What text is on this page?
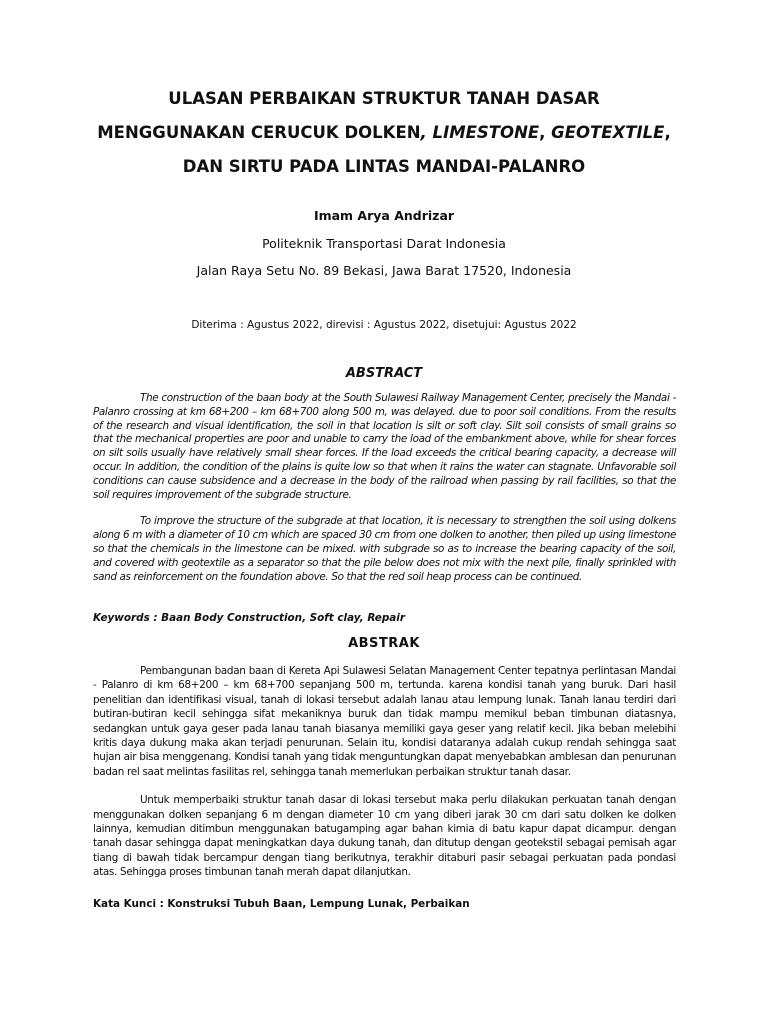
ULASAN PERBAIKAN STRUKTUR TANAH DASAR
MENGGUNAKAN CERUCUK DOLKEN, LIMESTONE, GEOTEXTILE,
DAN SIRTU PADA LINTAS MANDAI-PALANRO
Imam Arya Andrizar
Politeknik Transportasi Darat Indonesia
Jalan Raya Setu No. 89 Bekasi, Jawa Barat 17520, Indonesia
Diterima : Agustus 2022, direvisi : Agustus 2022, disetujui: Agustus 2022
ABSTRACT

The construction of the baan body at the South Sulawesi Railway Management Center, precisely the Mandai - Palanro crossing at km 68+200 – km 68+700 along 500 m, was delayed. due to poor soil conditions. From the results of the research and visual identification, the soil in that location is silt or soft clay. Silt soil consists of small grains so that the mechanical properties are poor and unable to carry the load of the embankment above, while for shear forces on silt soils usually have relatively small shear forces. If the load exceeds the critical bearing capacity, a decrease will occur. In addition, the condition of the plains is quite low so that when it rains the water can stagnate. Unfavorable soil conditions can cause subsidence and a decrease in the body of the railroad when passing by rail facilities, so that the soil requires improvement of the subgrade structure.

To improve the structure of the subgrade at that location, it is necessary to strengthen the soil using dolkens along 6 m with a diameter of 10 cm which are spaced 30 cm from one dolken to another, then piled up using limestone so that the chemicals in the limestone can be mixed. with subgrade so as to increase the bearing capacity of the soil, and covered with geotextile as a separator so that the pile below does not mix with the next pile, finally sprinkled with sand as reinforcement on the foundation above. So that the red soil heap process can be continued.

Keywords : Baan Body Construction, Soft clay, Repair
ABSTRAK

Pembangunan badan baan di Kereta Api Sulawesi Selatan Management Center tepatnya perlintasan Mandai - Palanro di km 68+200 – km 68+700 sepanjang 500 m, tertunda. karena kondisi tanah yang buruk. Dari hasil penelitian dan identifikasi visual, tanah di lokasi tersebut adalah lanau atau lempung lunak. Tanah lanau terdiri dari butiran-butiran kecil sehingga sifat mekaniknya buruk dan tidak mampu memikul beban timbunan diatasnya, sedangkan untuk gaya geser pada lanau tanah biasanya memiliki gaya geser yang relatif kecil. Jika beban melebihi kritis daya dukung maka akan terjadi penurunan. Selain itu, kondisi dataranya adalah cukup rendah sehingga saat hujan air bisa menggenang. Kondisi tanah yang tidak menguntungkan dapat menyebabkan amblesan dan penurunan badan rel saat melintas fasilitas rel, sehingga tanah memerlukan perbaikan struktur tanah dasar.

Untuk memperbaiki struktur tanah dasar di lokasi tersebut maka perlu dilakukan perkuatan tanah dengan menggunakan dolken sepanjang 6 m dengan diameter 10 cm yang diberi jarak 30 cm dari satu dolken ke dolken lainnya, kemudian ditimbun menggunakan batugamping agar bahan kimia di batu kapur dapat dicampur. dengan tanah dasar sehingga dapat meningkatkan daya dukung tanah, dan ditutup dengan geotekstil sebagai pemisah agar tiang di bawah tidak bercampur dengan tiang berikutnya, terakhir ditaburi pasir sebagai perkuatan pada pondasi atas. Sehingga proses timbunan tanah merah dapat dilanjutkan.

Kata Kunci : Konstruksi Tubuh Baan, Lempung Lunak, Perbaikan
